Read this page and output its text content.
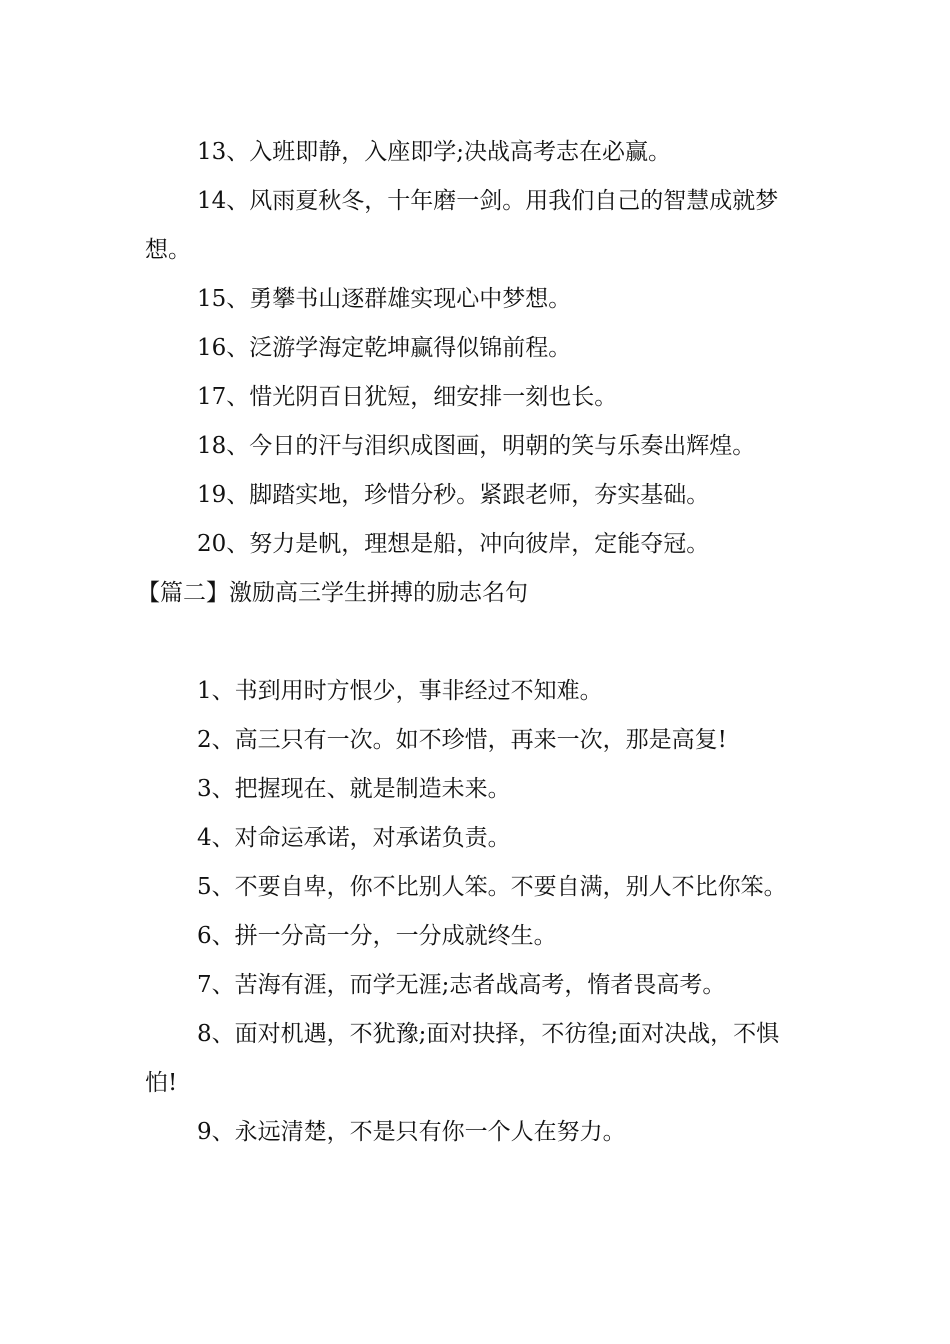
13、入班即静，入座即学;决战高考志在必赢。

14、风雨夏秋冬，十年磨一剑。用我们自己的智慧成就梦想。

15、勇攀书山逐群雄实现心中梦想。

16、泛游学海定乾坤赢得似锦前程。

17、惜光阴百日犹短，细安排一刻也长。

18、今日的汗与泪织成图画，明朝的笑与乐奏出辉煌。

19、脚踏实地，珍惜分秒。紧跟老师，夯实基础。

20、努力是帆，理想是船，冲向彼岸，定能夺冠。

【篇二】激励高三学生拼搏的励志名句

1、书到用时方恨少，事非经过不知难。

2、高三只有一次。如不珍惜，再来一次，那是高复!

3、把握现在、就是制造未来。

4、对命运承诺，对承诺负责。

5、不要自卑，你不比别人笨。不要自满，别人不比你笨。

6、拼一分高一分，一分成就终生。

7、苦海有涯，而学无涯;志者战高考，惰者畏高考。

8、面对机遇，不犹豫;面对抉择，不彷徨;面对决战，不惧怕!

9、永远清楚，不是只有你一个人在努力。
